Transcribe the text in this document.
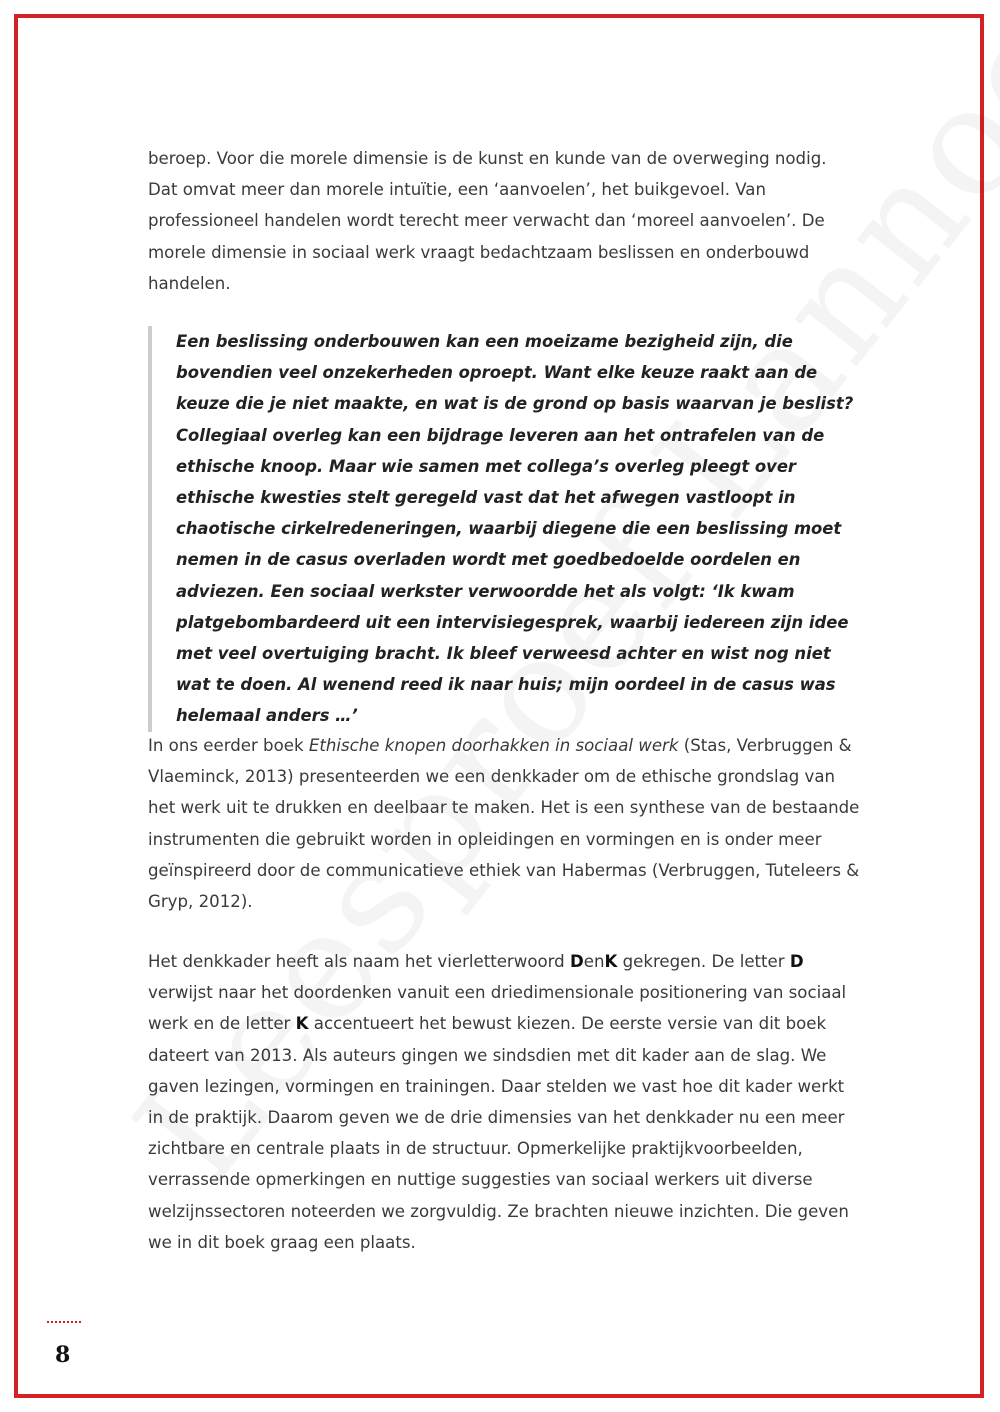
beroep. Voor die morele dimensie is de kunst en kunde van de overweging nodig. Dat omvat meer dan morele intuïtie, een ‘aanvoelen’, het buikgevoel. Van professioneel handelen wordt terecht meer verwacht dan ‘moreel aanvoelen’. De morele dimensie in sociaal werk vraagt bedachtzaam beslissen en onderbouwd handelen.

Een beslissing onderbouwen kan een moeizame bezigheid zijn, die bovendien veel onzekerheden oproept. Want elke keuze raakt aan de keuze die je niet maakte, en wat is de grond op basis waarvan je beslist? Collegiaal overleg kan een bijdrage leveren aan het ontrafelen van de ethische knoop. Maar wie samen met collega’s overleg pleegt over ethische kwesties stelt geregeld vast dat het afwegen vastloopt in chaotische cirkelredeneringen, waarbij diegene die een beslissing moet nemen in de casus overladen wordt met goedbedoelde oordelen en adviezen. Een sociaal werkster verwoordde het als volgt: ‘Ik kwam platgebombardeerd uit een intervisiegesprek, waarbij iedereen zijn idee met veel overtuiging bracht. Ik bleef verweesd achter en wist nog niet wat te doen. Al wenend reed ik naar huis; mijn oordeel in de casus was helemaal anders …’

In ons eerder boek Ethische knopen doorhakken in sociaal werk (Stas, Verbruggen & Vlaeminck, 2013) presenteerden we een denkkader om de ethische grondslag van het werk uit te drukken en deelbaar te maken. Het is een synthese van de bestaande instrumenten die gebruikt worden in opleidingen en vormingen en is onder meer geïnspireerd door de communicatieve ethiek van Habermas (Verbruggen, Tuteleers & Gryp, 2012).

Het denkkader heeft als naam het vierletterwoord DenK gekregen. De letter D verwijst naar het doordenken vanuit een driedimensionale positionering van sociaal werk en de letter K accentueert het bewust kiezen. De eerste versie van dit boek dateert van 2013. Als auteurs gingen we sindsdien met dit kader aan de slag. We gaven lezingen, vormingen en trainingen. Daar stelden we vast hoe dit kader werkt in de praktijk. Daarom geven we de drie dimensies van het denkkader nu een meer zichtbare en centrale plaats in de structuur. Opmerkelijke praktijkvoorbeelden, verrassende opmerkingen en nuttige suggesties van sociaal werkers uit diverse welzijnssectoren noteerden we zorgvuldig. Ze brachten nieuwe inzichten. Die geven we in dit boek graag een plaats.

8
